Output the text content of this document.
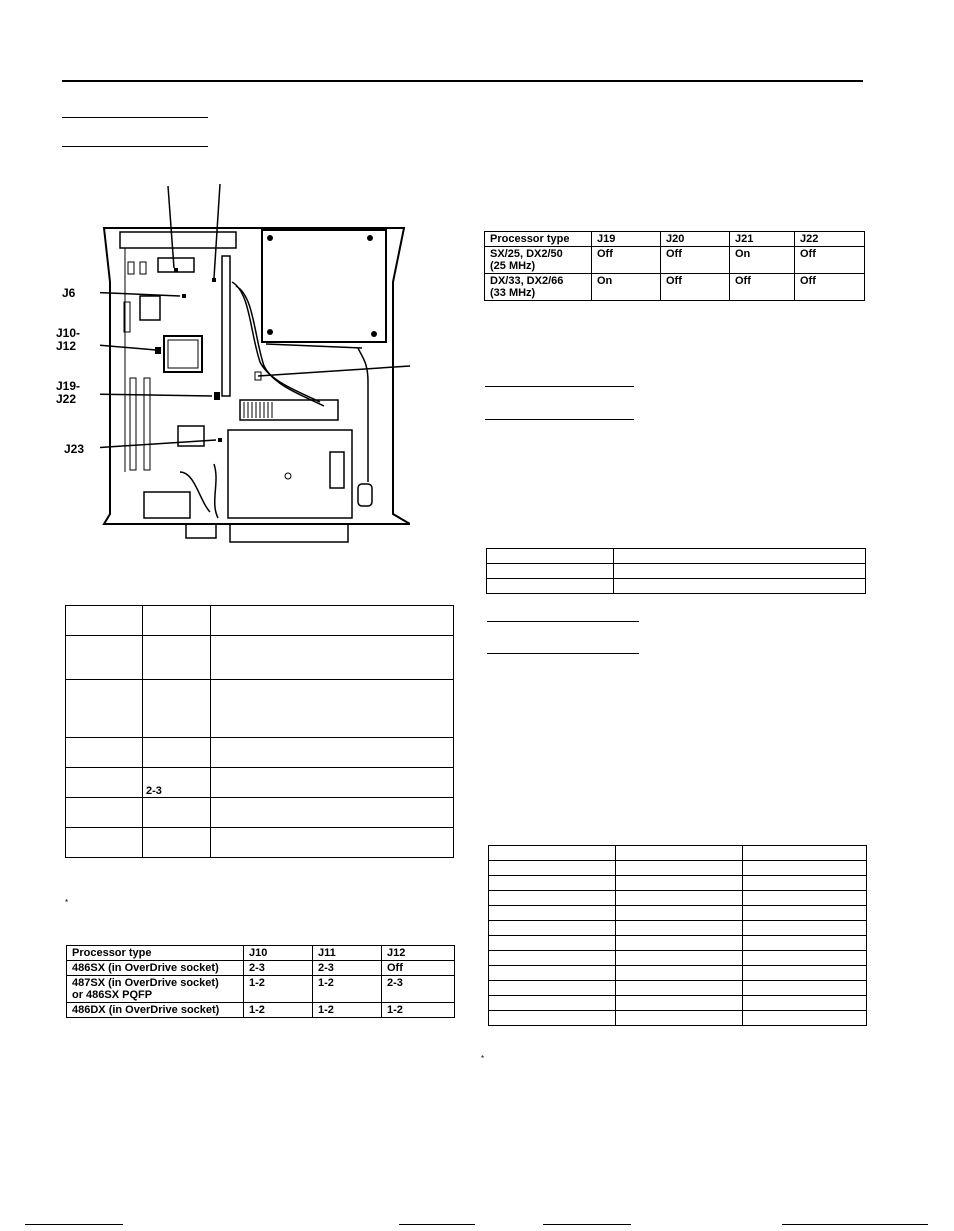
J6
J10-
J12
J19-
J22
J23
Processor type	J19	J20	J21	J22
SX/25, DX2/50
(25 MHz)	Off	Off	On	Off
DX/33, DX2/66
(33 MHz)	On	Off	Off	Off

	2-3	

*
*
Processor type	J10	J11	J12
486SX (in OverDrive socket)	2-3	2-3	Off
487SX (in OverDrive socket)
or 486SX PQFP	1-2	1-2	2-3
486DX (in OverDrive socket)	1-2	1-2	1-2
